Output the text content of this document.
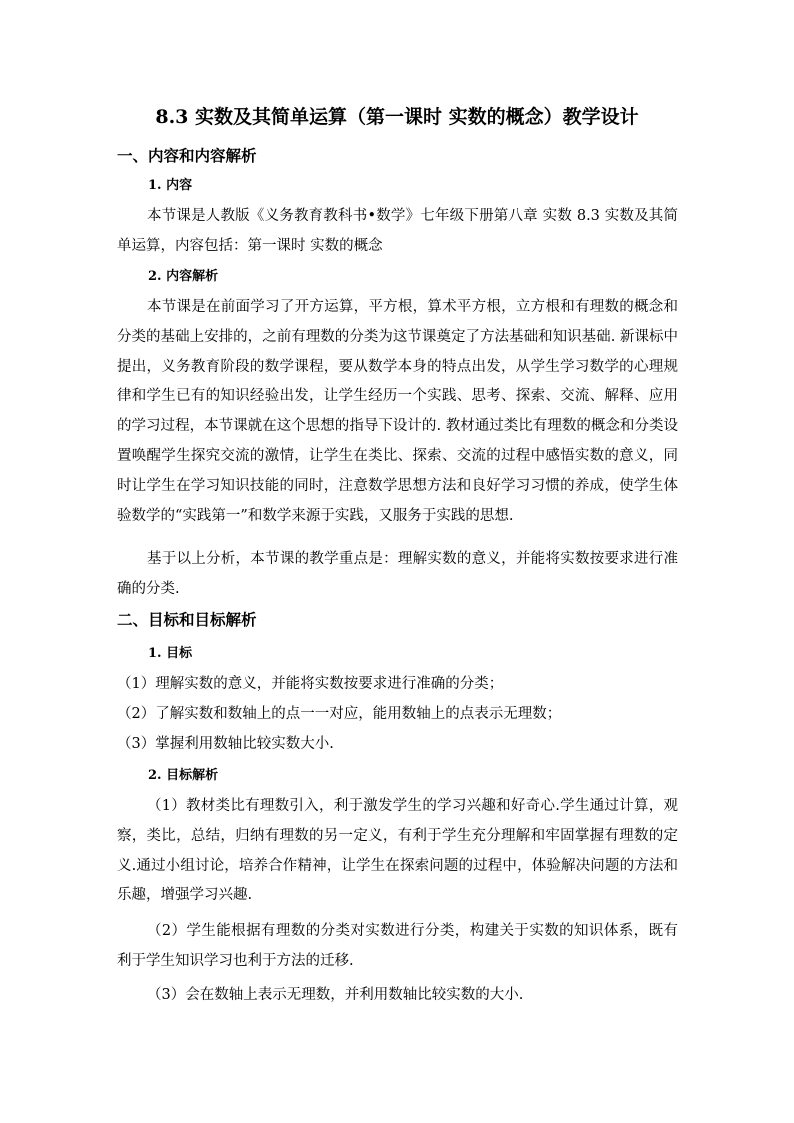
8.3 实数及其简单运算（第一课时 实数的概念）教学设计
一、内容和内容解析
1. 内容

本节课是人教版《义务教育教科书•数学》七年级下册第八章 实数 8.3 实数及其简单运算，内容包括：第一课时 实数的概念

2. 内容解析

本节课是在前面学习了开方运算，平方根，算术平方根，立方根和有理数的概念和分类的基础上安排的，之前有理数的分类为这节课奠定了方法基础和知识基础. 新课标中提出，义务教育阶段的数学课程，要从数学本身的特点出发，从学生学习数学的心理规律和学生已有的知识经验出发，让学生经历一个实践、思考、探索、交流、解释、应用的学习过程，本节课就在这个思想的指导下设计的. 教材通过类比有理数的概念和分类设置唤醒学生探究交流的激情，让学生在类比、探索、交流的过程中感悟实数的意义，同时让学生在学习知识技能的同时，注意数学思想方法和良好学习习惯的养成，使学生体验数学的“实践第一”和数学来源于实践，又服务于实践的思想.

基于以上分析，本节课的教学重点是：理解实数的意义，并能将实数按要求进行准确的分类.

二、目标和目标解析
1. 目标
（1）理解实数的意义，并能将实数按要求进行准确的分类；
（2）了解实数和数轴上的点一一对应，能用数轴上的点表示无理数；
（3）掌握利用数轴比较实数大小.
2. 目标解析

（1）教材类比有理数引入，利于激发学生的学习兴趣和好奇心.学生通过计算，观察，类比，总结，归纳有理数的另一定义，有利于学生充分理解和牢固掌握有理数的定义.通过小组讨论，培养合作精神，让学生在探索问题的过程中，体验解决问题的方法和乐趣，增强学习兴趣.

（2）学生能根据有理数的分类对实数进行分类，构建关于实数的知识体系，既有利于学生知识学习也利于方法的迁移.

（3）会在数轴上表示无理数，并利用数轴比较实数的大小.
